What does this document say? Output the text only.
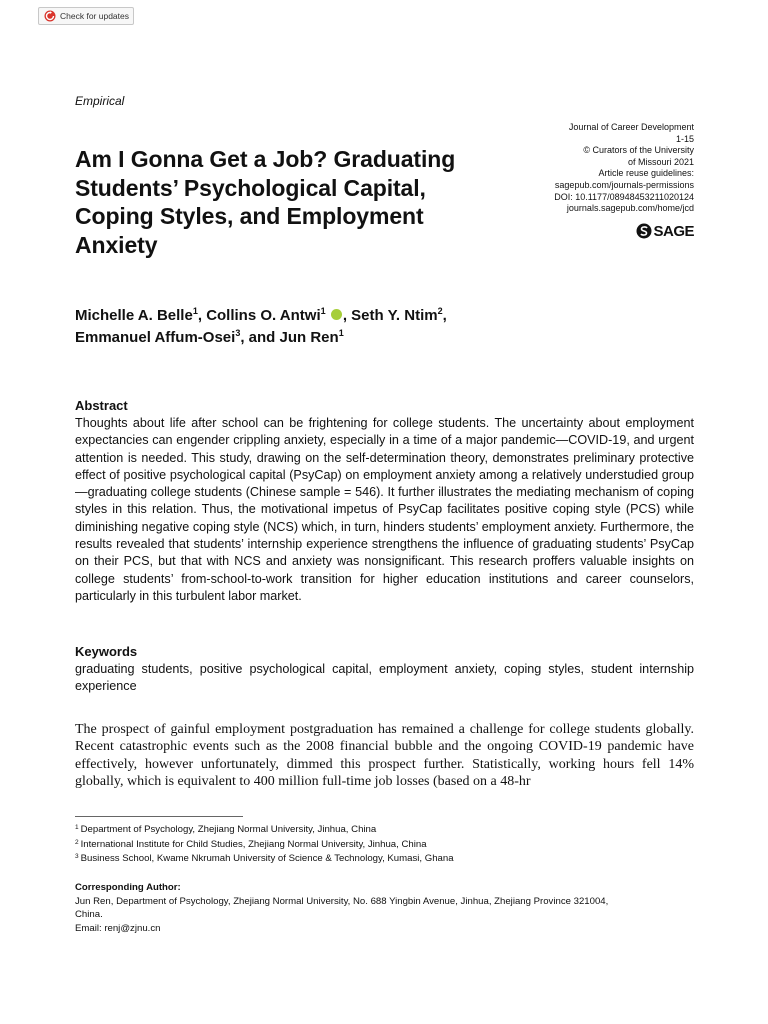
Check for updates
Empirical
Journal of Career Development
1-15
© Curators of the University
of Missouri 2021
Article reuse guidelines:
sagepub.com/journals-permissions
DOI: 10.1177/08948453211020124
journals.sagepub.com/home/jcd
SAGE
Am I Gonna Get a Job? Graduating
Students’ Psychological Capital,
Coping Styles, and Employment
Anxiety
Michelle A. Belle$^1$, Collins O. Antwi$^1$ , Seth Y. Ntim$^2$,
Emmanuel Affum-Osei$^3$, and Jun Ren$^1$
Abstract
Thoughts about life after school can be frightening for college students. The uncertainty about employment expectancies can engender crippling anxiety, especially in a time of a major pandemic—COVID-19, and urgent attention is needed. This study, drawing on the self-determination theory, demonstrates preliminary protective effect of positive psychological capital (PsyCap) on employment anxiety among a relatively understudied group—graduating college students (Chinese sample = 546). It further illustrates the mediating mechanism of coping styles in this relation. Thus, the motivational impetus of PsyCap facilitates positive coping style (PCS) while diminishing negative coping style (NCS) which, in turn, hinders students’ employment anxiety. Furthermore, the results revealed that students’ internship experience strengthens the influence of graduating students’ PsyCap on their PCS, but that with NCS and anxiety was nonsignificant. This research proffers valuable insights on college students’ from-school-to-work transition for higher education institutions and career counselors, particularly in this turbulent labor market.
Keywords
graduating students, positive psychological capital, employment anxiety, coping styles, student internship experience
The prospect of gainful employment postgraduation has remained a challenge for college students globally. Recent catastrophic events such as the 2008 financial bubble and the ongoing COVID-19 pandemic have effectively, however unfortunately, dimmed this prospect further. Statistically, working hours fell 14% globally, which is equivalent to 400 million full-time job losses (based on a 48-hr
$^1$ Department of Psychology, Zhejiang Normal University, Jinhua, China
$^2$ International Institute for Child Studies, Zhejiang Normal University, Jinhua, China
$^3$ Business School, Kwame Nkrumah University of Science & Technology, Kumasi, Ghana
Corresponding Author:
Jun Ren, Department of Psychology, Zhejiang Normal University, No. 688 Yingbin Avenue, Jinhua, Zhejiang Province 321004,
China.
Email: renj@zjnu.cn
